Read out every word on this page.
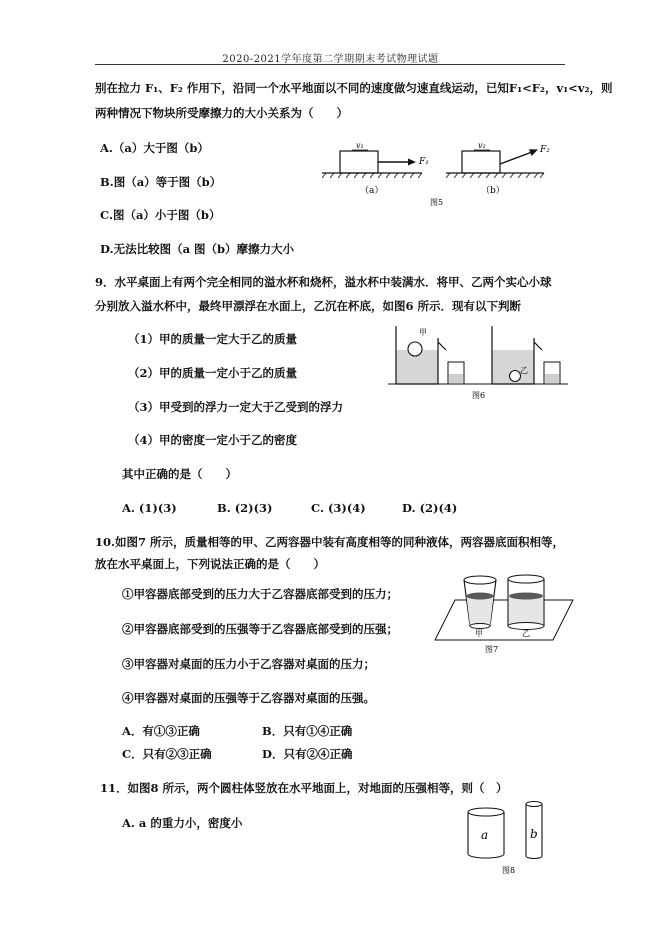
2020-2021学年度第二学期期末考试物理试题
别在拉力 F₁、F₂ 作用下，沿同一个水平地面以不同的速度做匀速直线运动，已知F₁<F₂，v₁<v₂，则
两种情况下物块所受摩擦力的大小关系为（　　）
A.（a）大于图（b）
B.图（a）等于图（b）
C.图（a）小于图（b）
D.无法比较图（a 图（b）摩擦力大小
v₁
F₁
（a）
v₂	F₂
（b）
图5
9．水平桌面上有两个完全相同的溢水杯和烧杯，溢水杯中装满水．将甲、乙两个实心小球
分别放入溢水杯中，最终甲漂浮在水面上，乙沉在杯底，如图6 所示．现有以下判断
（1）甲的质量一定大于乙的质量
（2）甲的质量一定小于乙的质量
（3）甲受到的浮力一定大于乙受到的浮力
（4）甲的密度一定小于乙的密度
其中正确的是（　　）
A. (1)(3)	B. (2)(3)	C. (3)(4)	D. (2)(4)
甲
乙
图6
10.如图7 所示，质量相等的甲、乙两容器中装有高度相等的同种液体，两容器底面积相等，
放在水平桌面上，下列说法正确的是（　　）
①甲容器底部受到的压力大于乙容器底部受到的压力；
②甲容器底部受到的压强等于乙容器底部受到的压强；
③甲容器对桌面的压力小于乙容器对桌面的压力；
④甲容器对桌面的压强等于乙容器对桌面的压强。
A．有①③正确	B．只有①④正确
C．只有②③正确	D．只有②④正确
甲	乙
图7
11．如图8 所示，两个圆柱体竖放在水平地面上，对地面的压强相等，则（　）
A. a 的重力小，密度小
a	b
图8
